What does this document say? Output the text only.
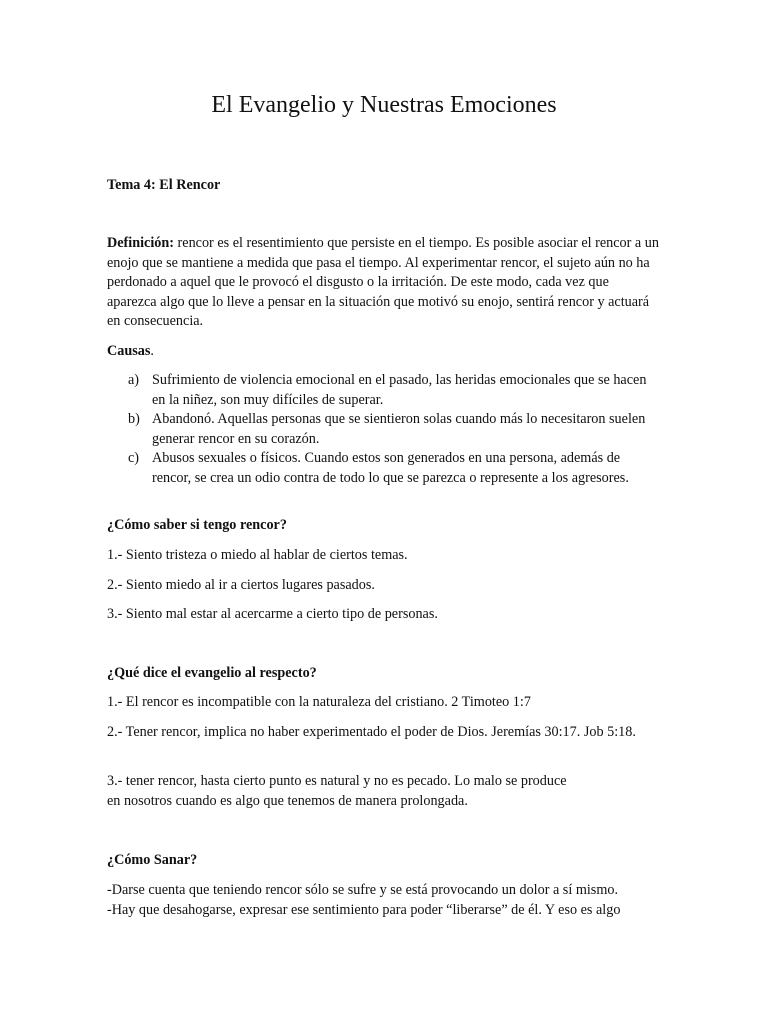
El Evangelio y Nuestras Emociones
Tema 4: El Rencor

Definición: rencor es el resentimiento que persiste en el tiempo. Es posible asociar el rencor a un enojo que se mantiene a medida que pasa el tiempo. Al experimentar rencor, el sujeto aún no ha perdonado a aquel que le provocó el disgusto o la irritación. De este modo, cada vez que aparezca algo que lo lleve a pensar en la situación que motivó su enojo, sentirá rencor y actuará en consecuencia.

Causas.

a) Sufrimiento de violencia emocional en el pasado, las heridas emocionales que se hacen en la niñez, son muy difíciles de superar.
b) Abandonó. Aquellas personas que se sientieron solas cuando más lo necesitaron suelen generar rencor en su corazón.
c) Abusos sexuales o físicos. Cuando estos son generados en una persona, además de rencor, se crea un odio contra de todo lo que se parezca o represente a los agresores.
¿Cómo saber si tengo rencor?
1.- Siento tristeza o miedo al hablar de ciertos temas.
2.- Siento miedo al ir a ciertos lugares pasados.
3.- Siento mal estar al acercarme a cierto tipo de personas.
¿Qué dice el evangelio al respecto?
1.- El rencor es incompatible con la naturaleza del cristiano. 2 Timoteo 1:7
2.- Tener rencor, implica no haber experimentado el poder de Dios. Jeremías 30:17. Job 5:18.
3.- tener rencor, hasta cierto punto es natural y no es pecado. Lo malo se produce en nosotros cuando es algo que tenemos de manera prolongada.
¿Cómo Sanar?
-Darse cuenta que teniendo rencor sólo se sufre y se está provocando un dolor a sí mismo.
-Hay que desahogarse, expresar ese sentimiento para poder “liberarse” de él. Y eso es algo
